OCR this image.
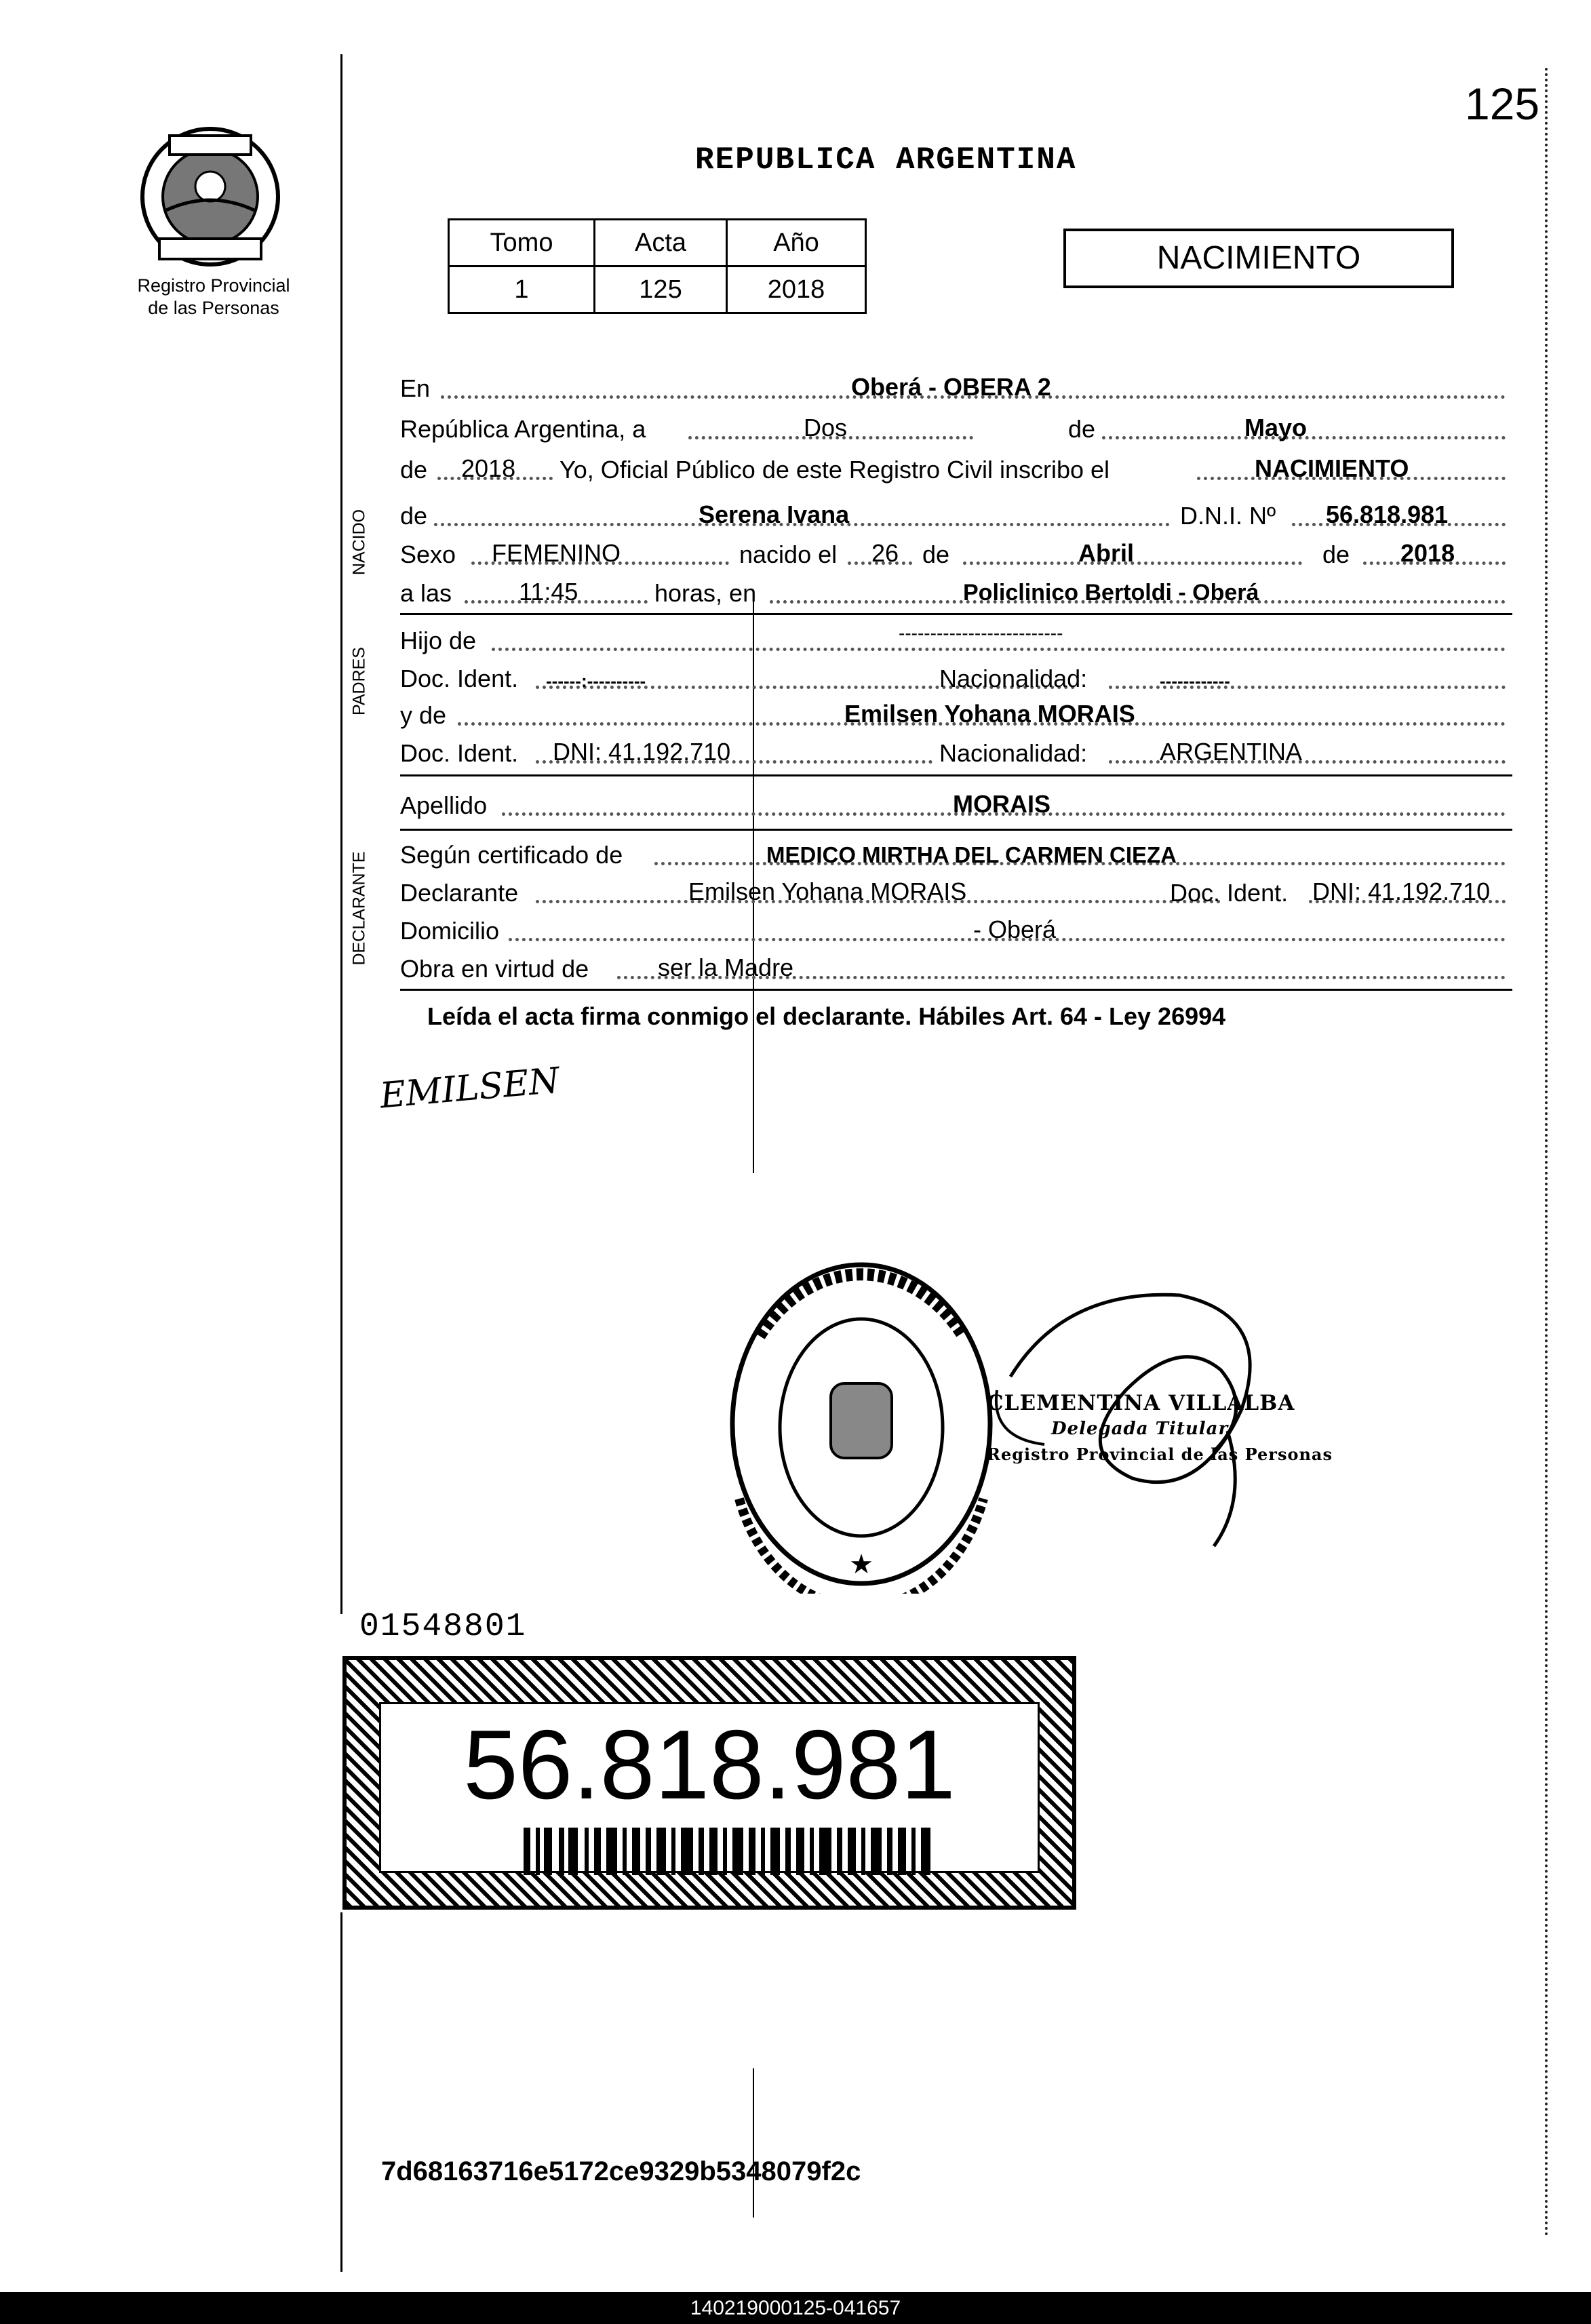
Registro Provincial
de las Personas
125
REPUBLICA ARGENTINA
Tomo	Acta	Año
1	125	2018
NACIMIENTO
NACIDO
PADRES
DECLARANTE
En	Oberá - OBERA 2
República Argentina, a	Dos	de	Mayo
de 2018 Yo, Oficial Público de este Registro Civil inscribo el	NACIMIENTO
de	Serena Ivana	D.N.I. Nº 56.818.981
Sexo FEMENINO	nacido el 26 de	Abril	de 2018
a las	11:45	horas, en	Policlinico Bertoldi - Oberá
Hijo de	--------------------------
Doc. Ident. ------:----------	Nacionalidad:	------------
y de	Emilsen Yohana MORAIS
Doc. Ident. DNI: 41.192.710	Nacionalidad:	ARGENTINA
Apellido	MORAIS
Según certificado de	MEDICO MIRTHA DEL CARMEN CIEZA
Declarante	Emilsen Yohana MORAIS	Doc. Ident. DNI: 41.192.710
Domicilio	- Oberá
Obra en virtud de	ser la Madre
Leída el acta firma conmigo el declarante. Hábiles Art. 64 - Ley 26994
EMILSEN
★
CLEMENTINA VILLALBA
Delegada Titular
Registro Provincial de las Personas
01548801
56.818.981
7d68163716e5172ce9329b5348079f2c
140219000125-041657
